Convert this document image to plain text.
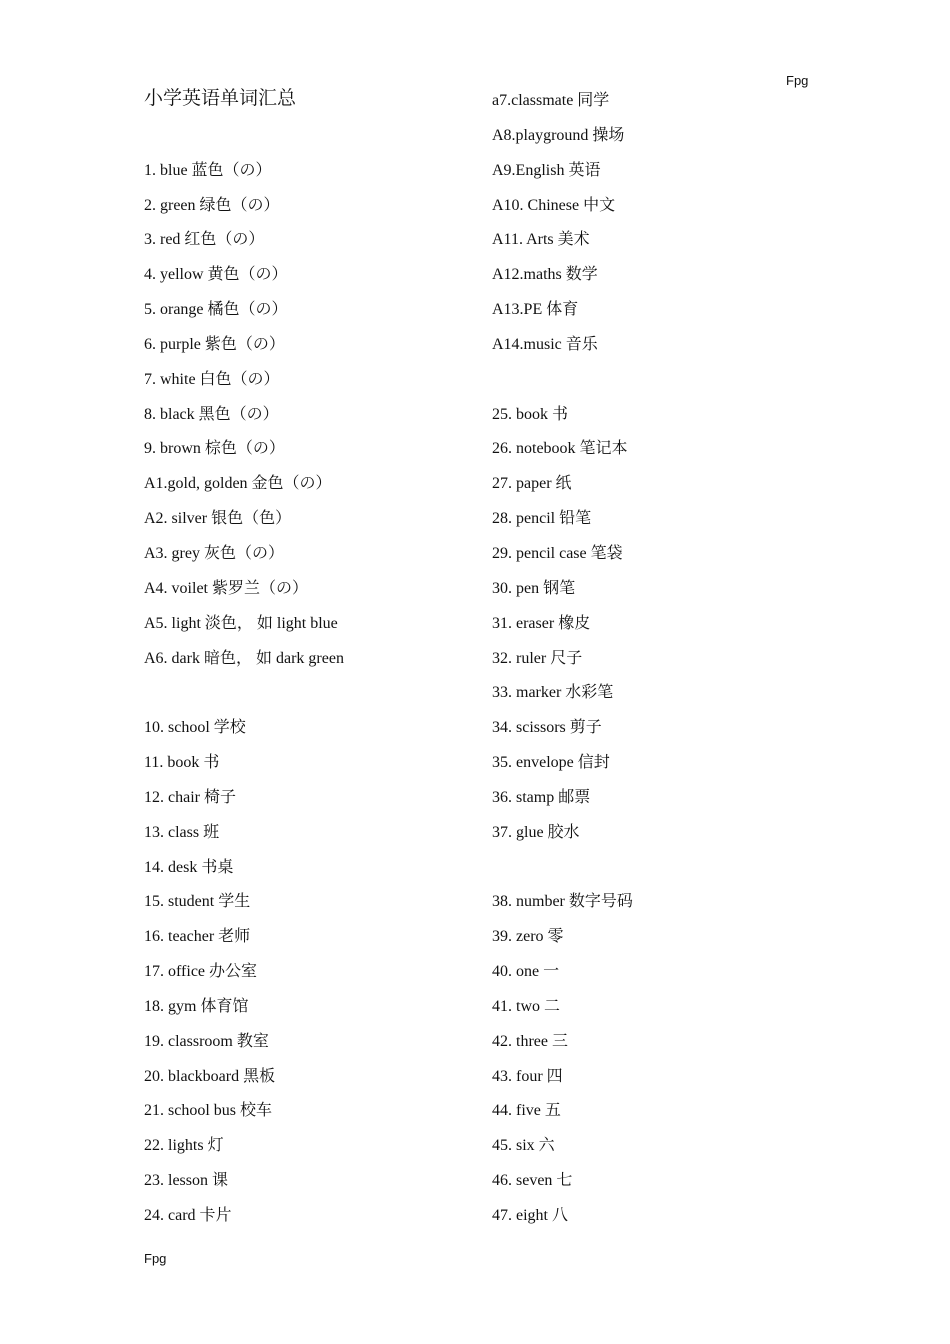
Fpg
小学英语单词汇总
1. blue 蓝色（の）
2. green 绿色（の）
3. red 红色（の）
4. yellow 黄色（の）
5. orange 橘色（の）
6. purple 紫色（の）
7. white 白色（の）
8. black 黑色（の）
9. brown 棕色（の）
A1.gold, golden 金色（の）
A2. silver 银色（色）
A3. grey 灰色（の）
A4. voilet 紫罗兰（の）
A5. light 淡色， 如 light blue
A6. dark 暗色， 如 dark green
10. school 学校
11. book 书
12. chair 椅子
13. class 班
14. desk 书桌
15. student 学生
16. teacher 老师
17. office 办公室
18. gym 体育馆
19. classroom 教室
20. blackboard 黑板
21. school bus 校车
22. lights 灯
23. lesson 课
24. card 卡片
a7.classmate 同学
A8.playground 操场
A9.English 英语
A10. Chinese 中文
A11. Arts 美术
A12.maths 数学
A13.PE 体育
A14.music 音乐
25. book 书
26. notebook 笔记本
27. paper 纸
28. pencil 铅笔
29. pencil case 笔袋
30. pen 钢笔
31. eraser 橡皮
32. ruler 尺子
33. marker 水彩笔
34. scissors 剪子
35. envelope 信封
36. stamp 邮票
37. glue 胶水
38. number 数字号码
39. zero 零
40. one 一
41. two 二
42. three 三
43. four 四
44. five 五
45. six 六
46. seven 七
47. eight 八
Fpg
